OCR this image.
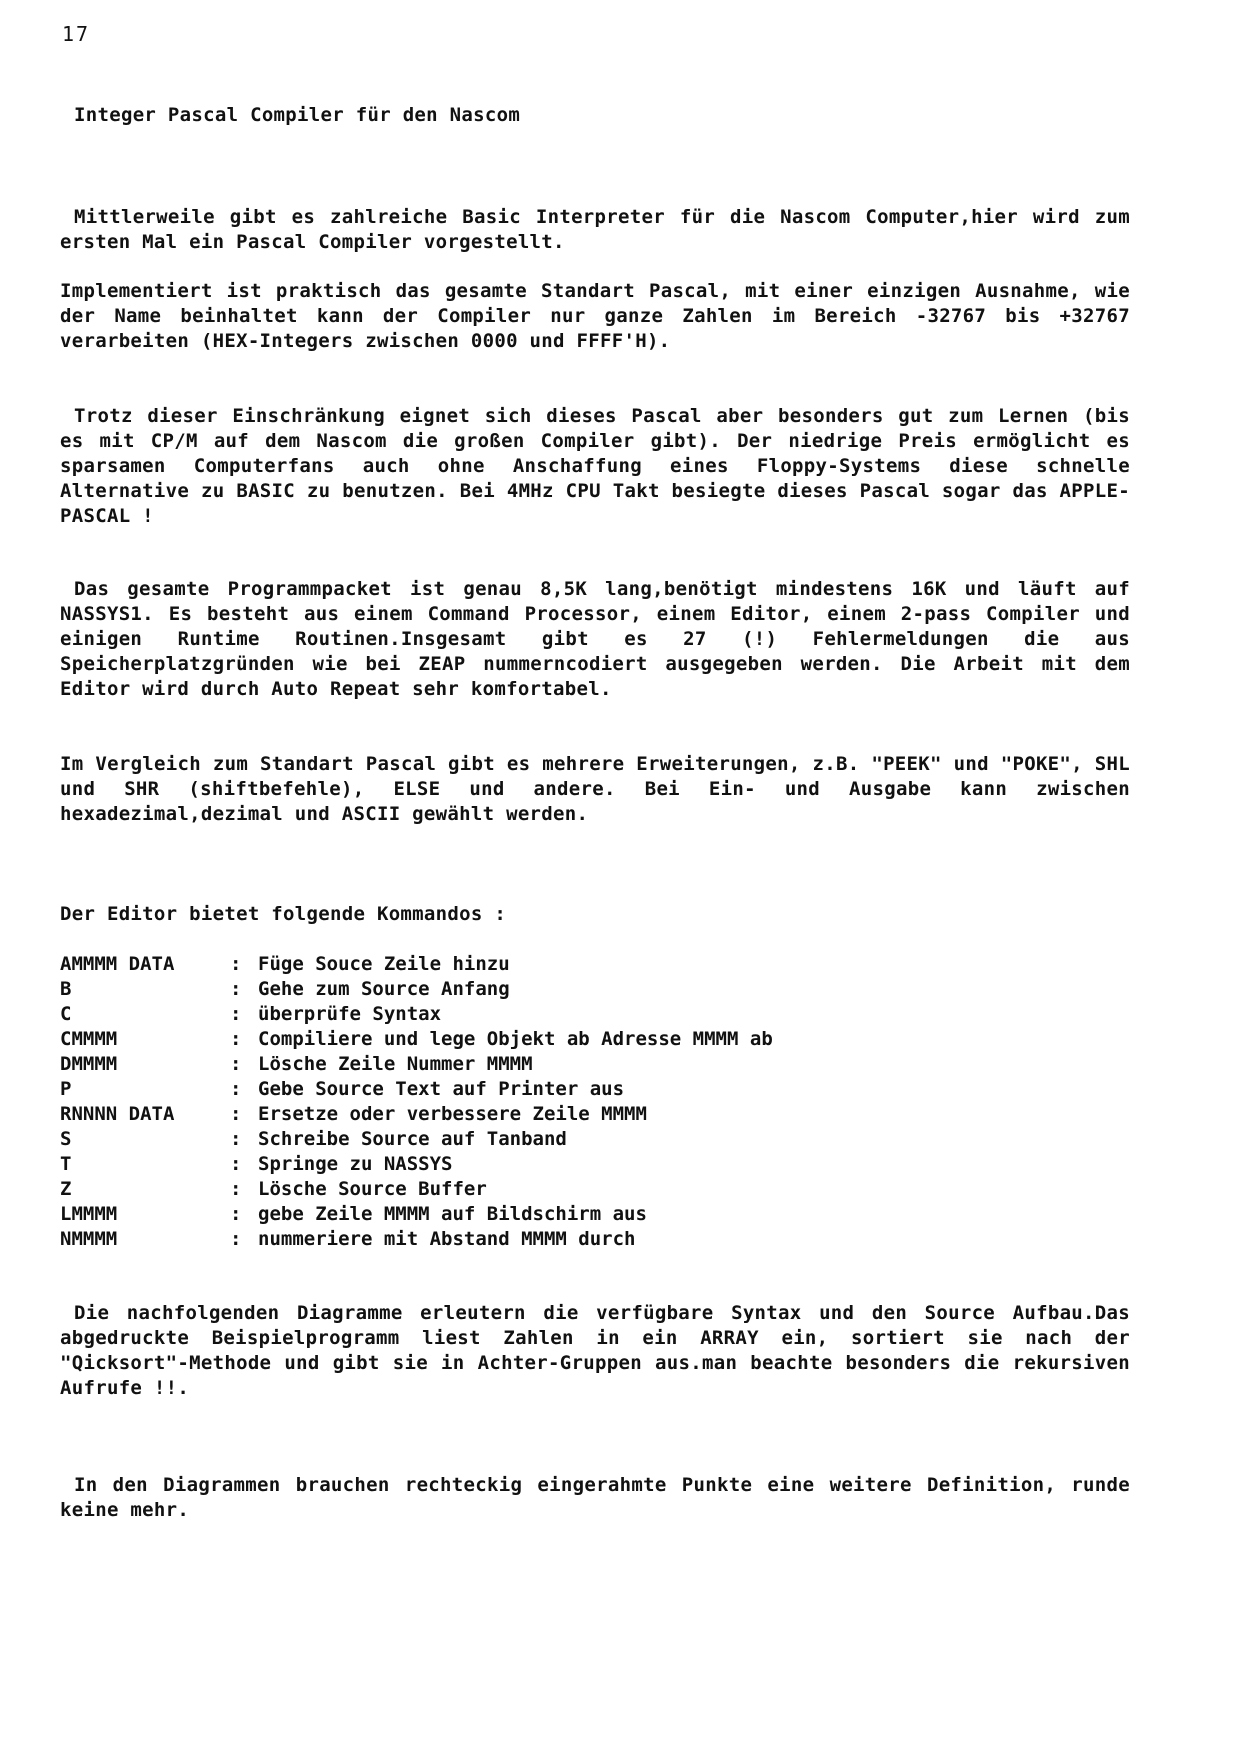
17
Integer Pascal Compiler für den Nascom
Mittlerweile gibt es zahlreiche Basic Interpreter für die Nascom Computer,hier wird zum ersten Mal ein Pascal Compiler vorgestellt.
Implementiert ist praktisch das gesamte Standart Pascal, mit einer einzigen Ausnahme, wie der Name beinhaltet kann der Compiler nur ganze Zahlen im Bereich -32767 bis +32767 verarbeiten (HEX-Integers zwischen 0000 und FFFF'H).
Trotz dieser Einschränkung eignet sich dieses Pascal aber besonders gut zum Lernen (bis es mit CP/M auf dem Nascom die großen Compiler gibt). Der niedrige Preis ermöglicht es sparsamen Computerfans auch ohne Anschaffung eines Floppy-Systems diese schnelle Alternative zu BASIC zu benutzen. Bei 4MHz CPU Takt besiegte dieses Pascal sogar das APPLE-PASCAL !
Das gesamte Programmpacket ist genau 8,5K lang,benötigt mindestens 16K und läuft auf NASSYS1. Es besteht aus einem Command Processor, einem Editor, einem 2-pass Compiler und einigen Runtime Routinen.Insgesamt gibt es 27 (!) Fehlermeldungen die aus Speicherplatzgründen wie bei ZEAP nummerncodiert ausgegeben werden. Die Arbeit mit dem Editor wird durch Auto Repeat sehr komfortabel.
Im Vergleich zum Standart Pascal gibt es mehrere Erweiterungen, z.B. "PEEK" und "POKE", SHL und SHR (shiftbefehle), ELSE und andere. Bei Ein- und Ausgabe kann zwischen hexadezimal,dezimal und ASCII gewählt werden.
Der Editor bietet folgende Kommandos :
AMMMM DATA	: Füge Souce Zeile hinzu
B	: Gehe zum Source Anfang
C	: überprüfe Syntax
CMMMM	: Compiliere und lege Objekt ab Adresse MMMM ab
DMMMM	: Lösche Zeile Nummer MMMM
P	: Gebe Source Text auf Printer aus
RNNNN DATA	: Ersetze oder verbessere Zeile MMMM
S	: Schreibe Source auf Tanband
T	: Springe zu NASSYS
Z	: Lösche Source Buffer
LMMMM	: gebe Zeile MMMM auf Bildschirm aus
NMMMM	: nummeriere mit Abstand MMMM durch
Die nachfolgenden Diagramme erleutern die verfügbare Syntax und den Source Aufbau.Das abgedruckte Beispielprogramm liest Zahlen in ein ARRAY ein, sortiert sie nach der "Qicksort"-Methode und gibt sie in Achter-Gruppen aus.man beachte besonders die rekursiven Aufrufe !!.
In den Diagrammen brauchen rechteckig eingerahmte Punkte eine weitere Definition, runde keine mehr.
